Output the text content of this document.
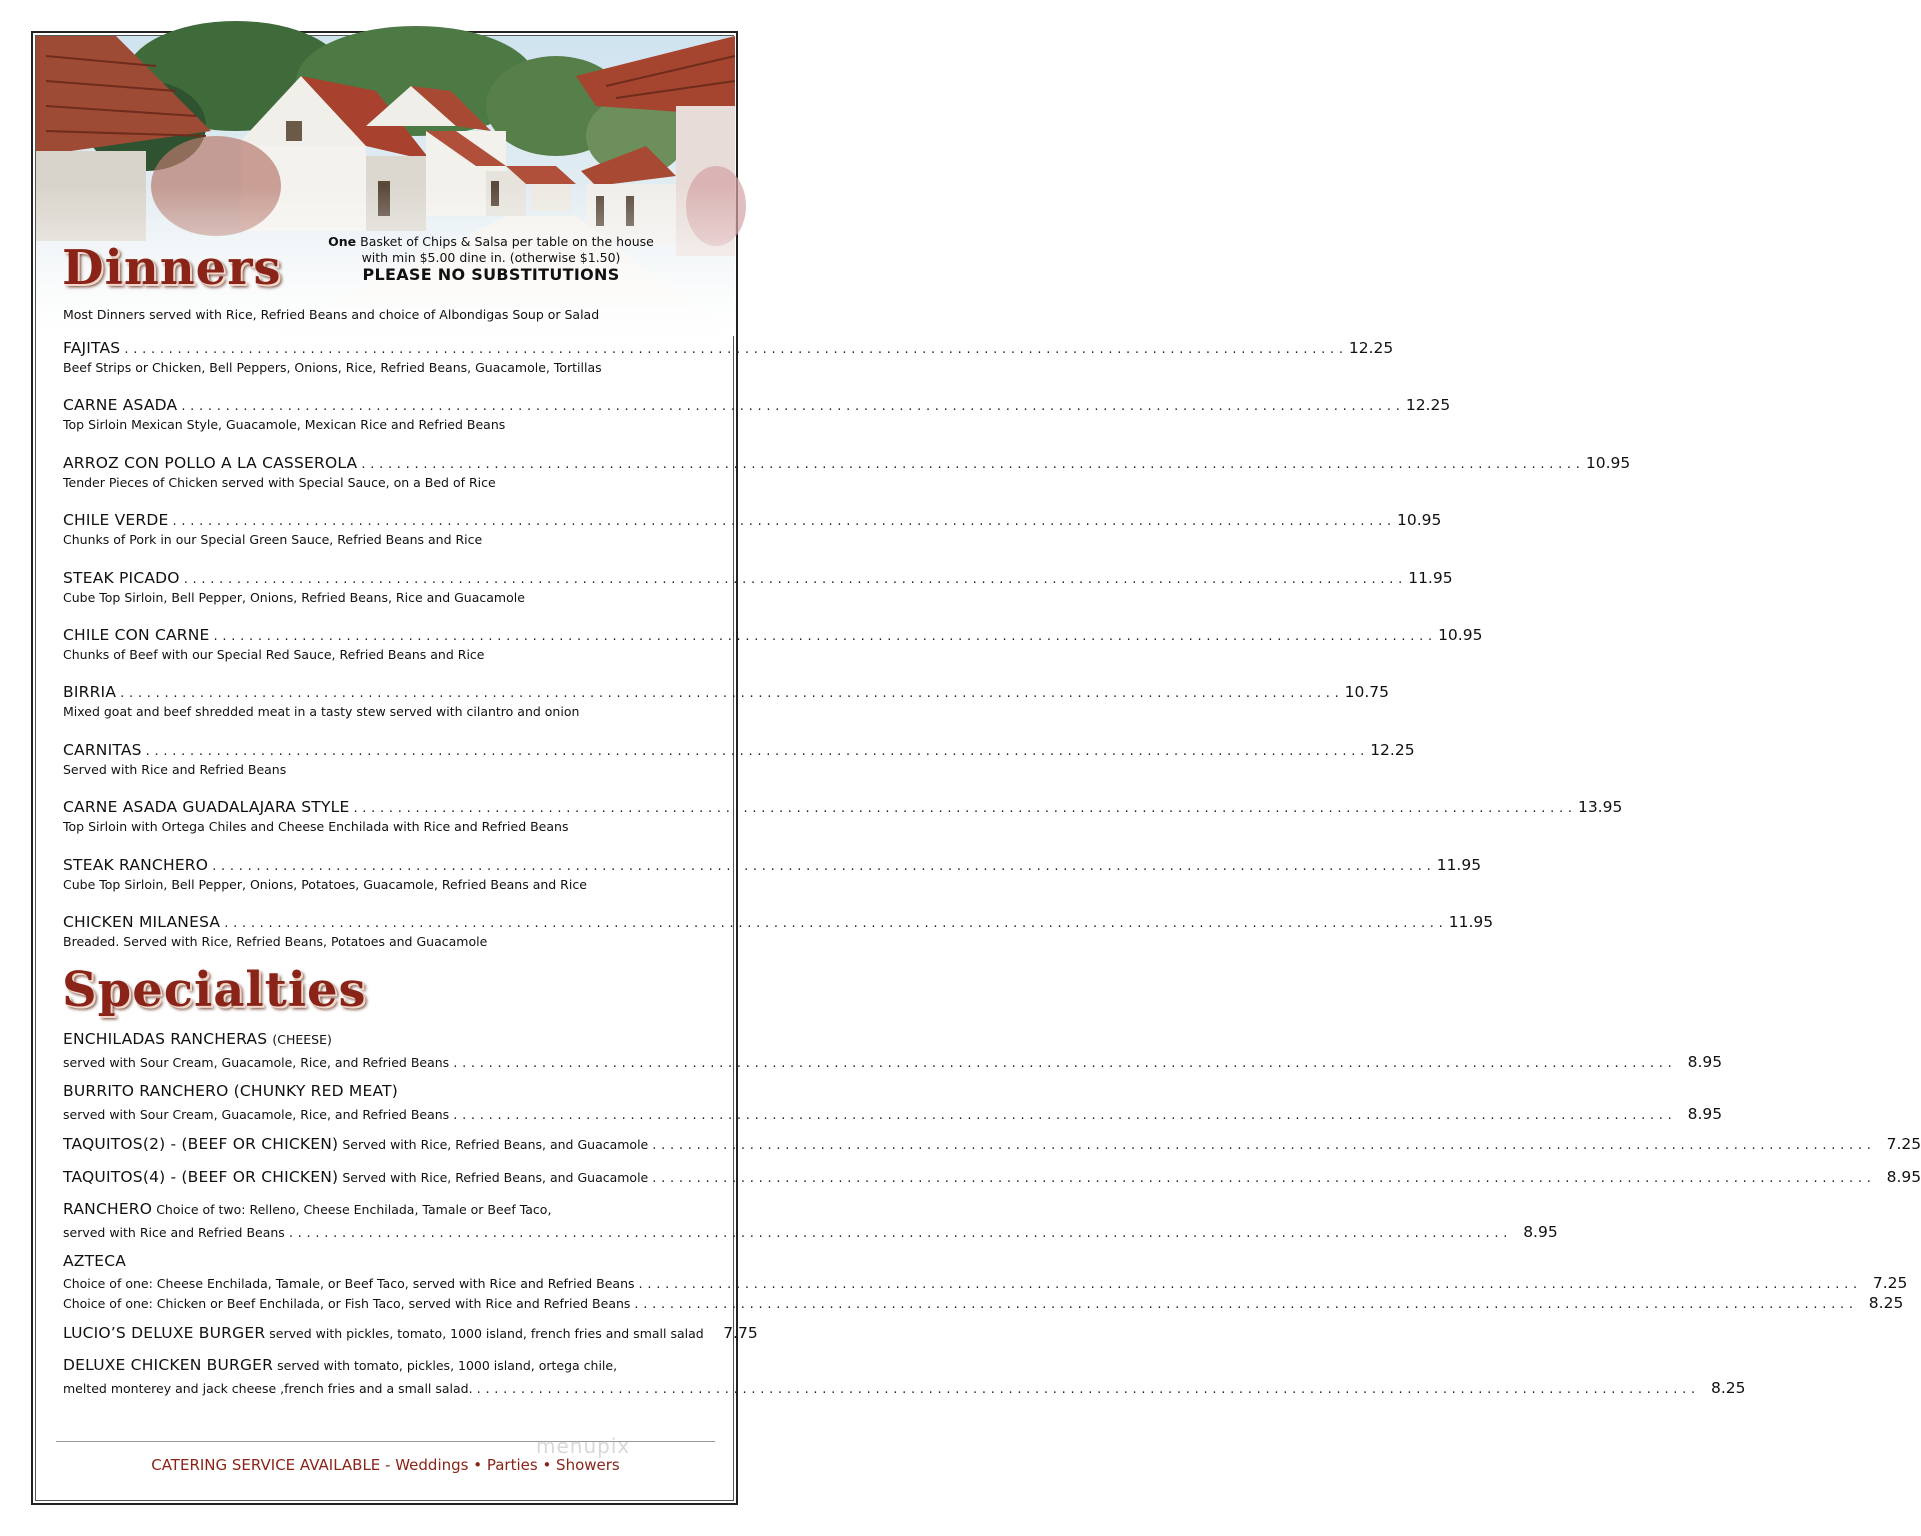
Dinners	One Basket of Chips & Salsa per table on the house
with min $5.00 dine in. (otherwise $1.50)
PLEASE NO SUBSTITUTIONS
Most Dinners served with Rice, Refried Beans and choice of Albondigas Soup or Salad
FAJITAS . . .	12.25
Beef Strips or Chicken, Bell Peppers, Onions, Rice, Refried Beans, Guacamole, Tortillas
CARNE ASADA . . .	12.25
Top Sirloin Mexican Style, Guacamole, Mexican Rice and Refried Beans
ARROZ CON POLLO A LA CASSEROLA . . .	10.95
Tender Pieces of Chicken served with Special Sauce, on a Bed of Rice
CHILE VERDE . . .	10.95
Chunks of Pork in our Special Green Sauce, Refried Beans and Rice
STEAK PICADO . . .	11.95
Cube Top Sirloin, Bell Pepper, Onions, Refried Beans, Rice and Guacamole
CHILE CON CARNE . . .	10.95
Chunks of Beef with our Special Red Sauce, Refried Beans and Rice
BIRRIA . . .	10.75
Mixed goat and beef shredded meat in a tasty stew served with cilantro and onion
CARNITAS . . .	12.25
Served with Rice and Refried Beans
CARNE ASADA GUADALAJARA STYLE . . .	13.95
Top Sirloin with Ortega Chiles and Cheese Enchilada with Rice and Refried Beans
STEAK RANCHERO . . .	11.95
Cube Top Sirloin, Bell Pepper, Onions, Potatoes, Guacamole, Refried Beans and Rice
CHICKEN MILANESA . . .	11.95
Breaded. Served with Rice, Refried Beans, Potatoes and Guacamole
Specialties
ENCHILADAS RANCHERAS
(CHEESE)
served with Sour Cream, Guacamole, Rice, and Refried Beans . . .	8.95
BURRITO RANCHERO (CHUNKY RED MEAT)
served with Sour Cream, Guacamole, Rice, and Refried Beans . . .	8.95
TAQUITOS(2) - (BEEF OR CHICKEN) Served with Rice, Refried Beans, and Guacamole . . .	7.25
TAQUITOS(4) - (BEEF OR CHICKEN) Served with Rice, Refried Beans, and Guacamole . . .	8.95
RANCHERO Choice of two: Relleno, Cheese Enchilada, Tamale or Beef Taco,
served with Rice and Refried Beans . . .	8.95
AZTECA
Choice of one: Cheese Enchilada, Tamale, or Beef Taco, served with Rice and Refried Beans . . .	7.25
Choice of one: Chicken or Beef Enchilada, or Fish Taco, served with Rice and Refried Beans . . .	8.25
LUCIO’S DELUXE BURGER served with pickles, tomato, 1000 island, french fries and small salad	7.75
DELUXE CHICKEN BURGER served with tomato, pickles, 1000 island, ortega chile,
melted monterey and jack cheese ,french fries and a small salad. . . .	8.25
menupix
CATERING SERVICE AVAILABLE - Weddings • Parties • Showers
